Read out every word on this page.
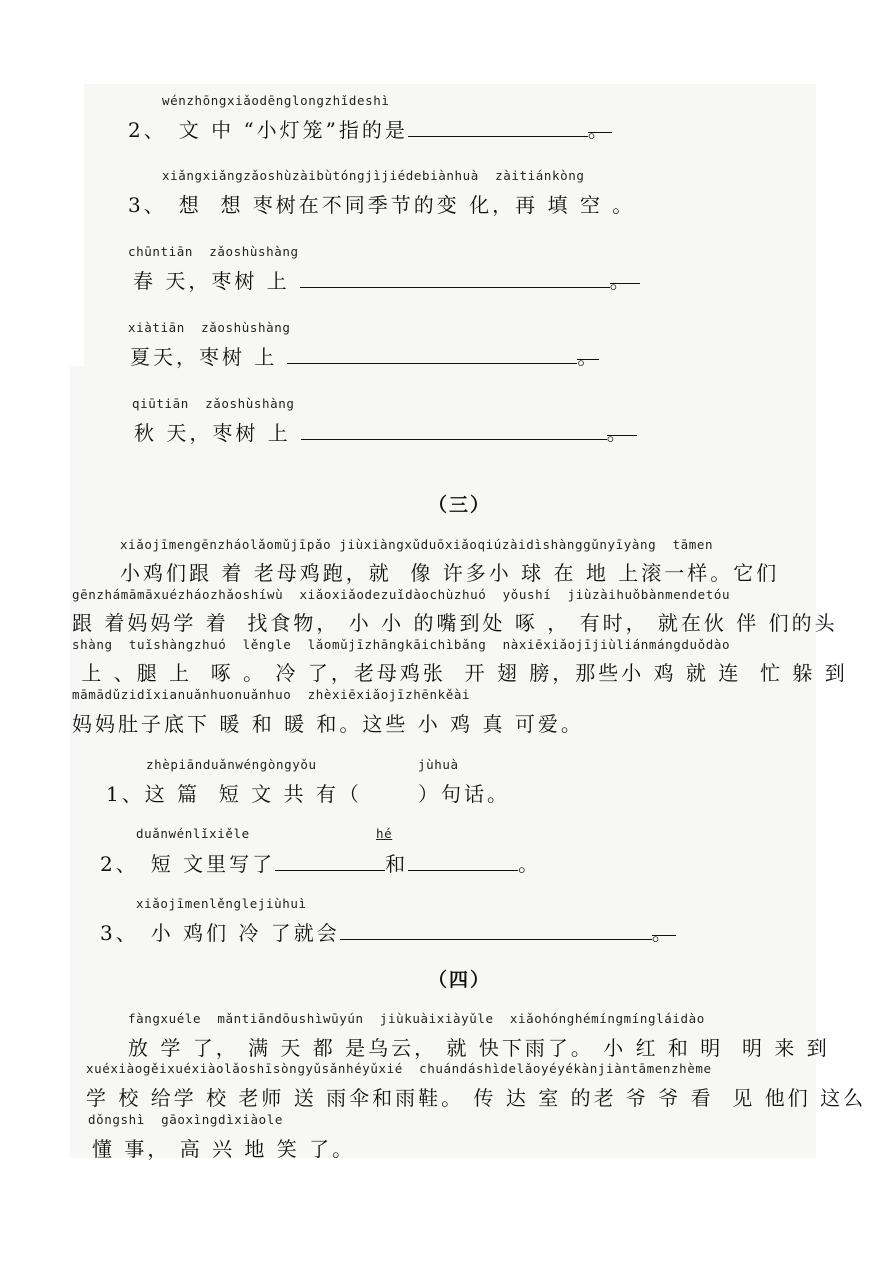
wénzhōngxiǎodēnglongzhǐdeshì
2、 文 中 “小灯笼”指的是	。
xiǎngxiǎngzǎoshùzàibùtóngjìjiédebiànhuà  zàitiánkòng
3、 想  想 枣树在不同季节的变 化，再 填 空 。
chūntiān  zǎoshùshàng
春 天，枣树 上	。
xiàtiān  zǎoshùshàng
夏天，枣树 上	。
qiūtiān  zǎoshùshàng
秋 天，枣树 上	。
（三）
xiǎojīmengēnzháolǎomǔjīpǎo jiùxiàngxǔduōxiǎoqiúzàidìshànggǔnyīyàng  tāmen
小鸡们跟 着 老母鸡跑，就  像 许多小 球 在 地 上滚一样。它们
gēnzhámāmāxuézháozhǎoshíwù  xiǎoxiǎodezuǐdàochùzhuó  yǒushí  jiùzàihuǒbànmendetóu
跟 着妈妈学 着  找食物， 小 小 的嘴到处 啄 ， 有时， 就在伙 伴 们的头
shàng  tuǐshàngzhuó  lěngle  lǎomǔjīzhāngkāichìbǎng  nàxiēxiǎojījiùliánmángduǒdào
上 、腿 上  啄 。 冷 了，老母鸡张  开 翅 膀，那些小 鸡 就 连  忙 躲 到
māmādǔzidǐxianuǎnhuonuǎnhuo  zhèxiēxiǎojīzhēnkěài
妈妈肚子底下 暖 和 暖 和。这些 小 鸡 真 可爱。
zhèpiānduǎnwéngòngyǒu	jùhuà
1、这 篇  短 文 共 有（      ）句话。
duǎnwénlǐxiěle	hé
2、 短 文里写了	和	。
xiǎojīmenlěnglejiùhuì
3、 小 鸡们 冷 了就会	。
（四）
fàngxuéle  mǎntiāndōushìwūyún  jiùkuàixiàyǔle  xiǎohónghémíngmíngláidào
放 学 了， 满 天 都 是乌云， 就 快下雨了。 小 红 和 明  明 来 到
xuéxiàogěixuéxiàolǎoshīsònɡyǔsǎnhéyǔxié  chuándáshìdelǎoyéyékànjiàntāmenzhème
学 校 给学 校 老师 送 雨伞和雨鞋。 传 达 室 的老 爷 爷 看  见 他们 这么
dǒngshì  gāoxìngdìxiàole
懂 事， 高 兴 地 笑 了。
